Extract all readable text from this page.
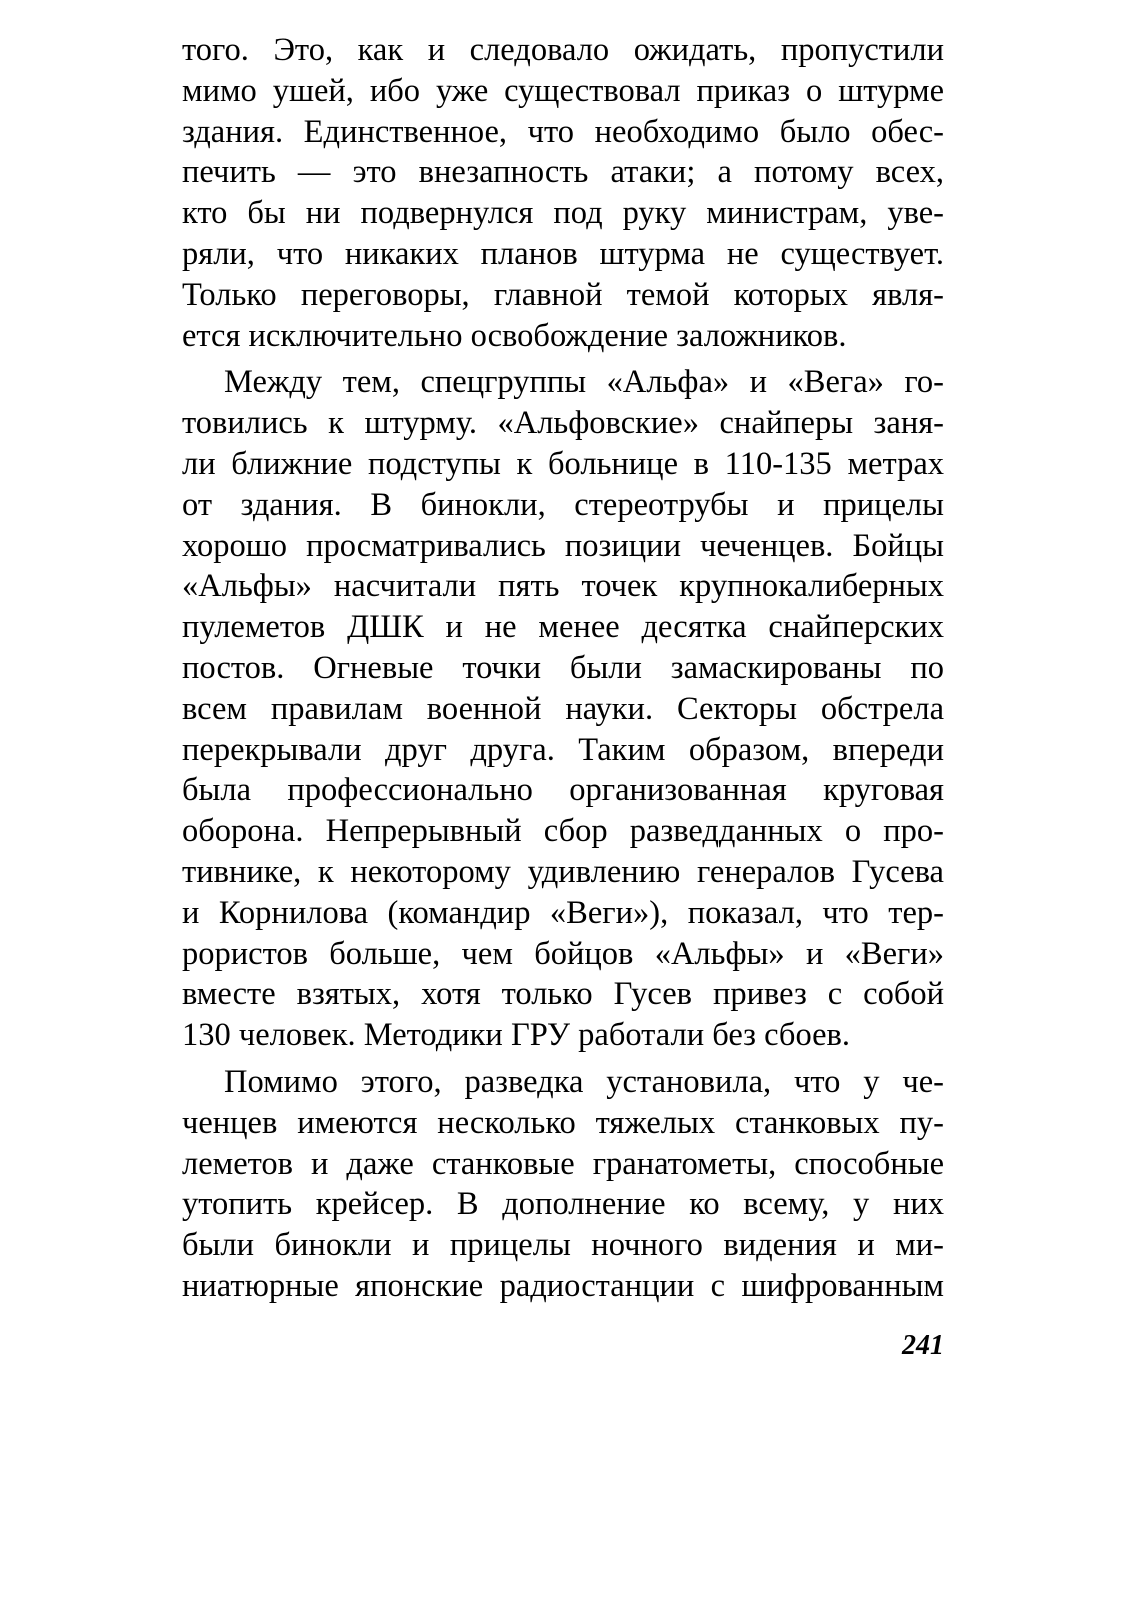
того. Это, как и следовало ожидать, пропустили
мимо ушей, ибо уже существовал приказ о штурме
здания. Единственное, что необходимо было обес-
печить — это внезапность атаки; а потому всех,
кто бы ни подвернулся под руку министрам, уве-
ряли, что никаких планов штурма не существует.
Только переговоры, главной темой которых явля-
ется исключительно освобождение заложников.
Между тем, спецгруппы «Альфа» и «Вега» го-
товились к штурму. «Альфовские» снайперы заня-
ли ближние подступы к больнице в 110-135 метрах
от здания. В бинокли, стереотрубы и прицелы
хорошо просматривались позиции чеченцев. Бойцы
«Альфы» насчитали пять точек крупнокалиберных
пулеметов ДШК и не менее десятка снайперских
постов. Огневые точки были замаскированы по
всем правилам военной науки. Секторы обстрела
перекрывали друг друга. Таким образом, впереди
была профессионально организованная круговая
оборона. Непрерывный сбор разведданных о про-
тивнике, к некоторому удивлению генералов Гусева
и Корнилова (командир «Веги»), показал, что тер-
рористов больше, чем бойцов «Альфы» и «Веги»
вместе взятых, хотя только Гусев привез с собой
130 человек. Методики ГРУ работали без сбоев.
Помимо этого, разведка установила, что у че-
ченцев имеются несколько тяжелых станковых пу-
леметов и даже станковые гранатометы, способные
утопить крейсер. В дополнение ко всему, у них
были бинокли и прицелы ночного видения и ми-
ниатюрные японские радиостанции с шифрованным
241
